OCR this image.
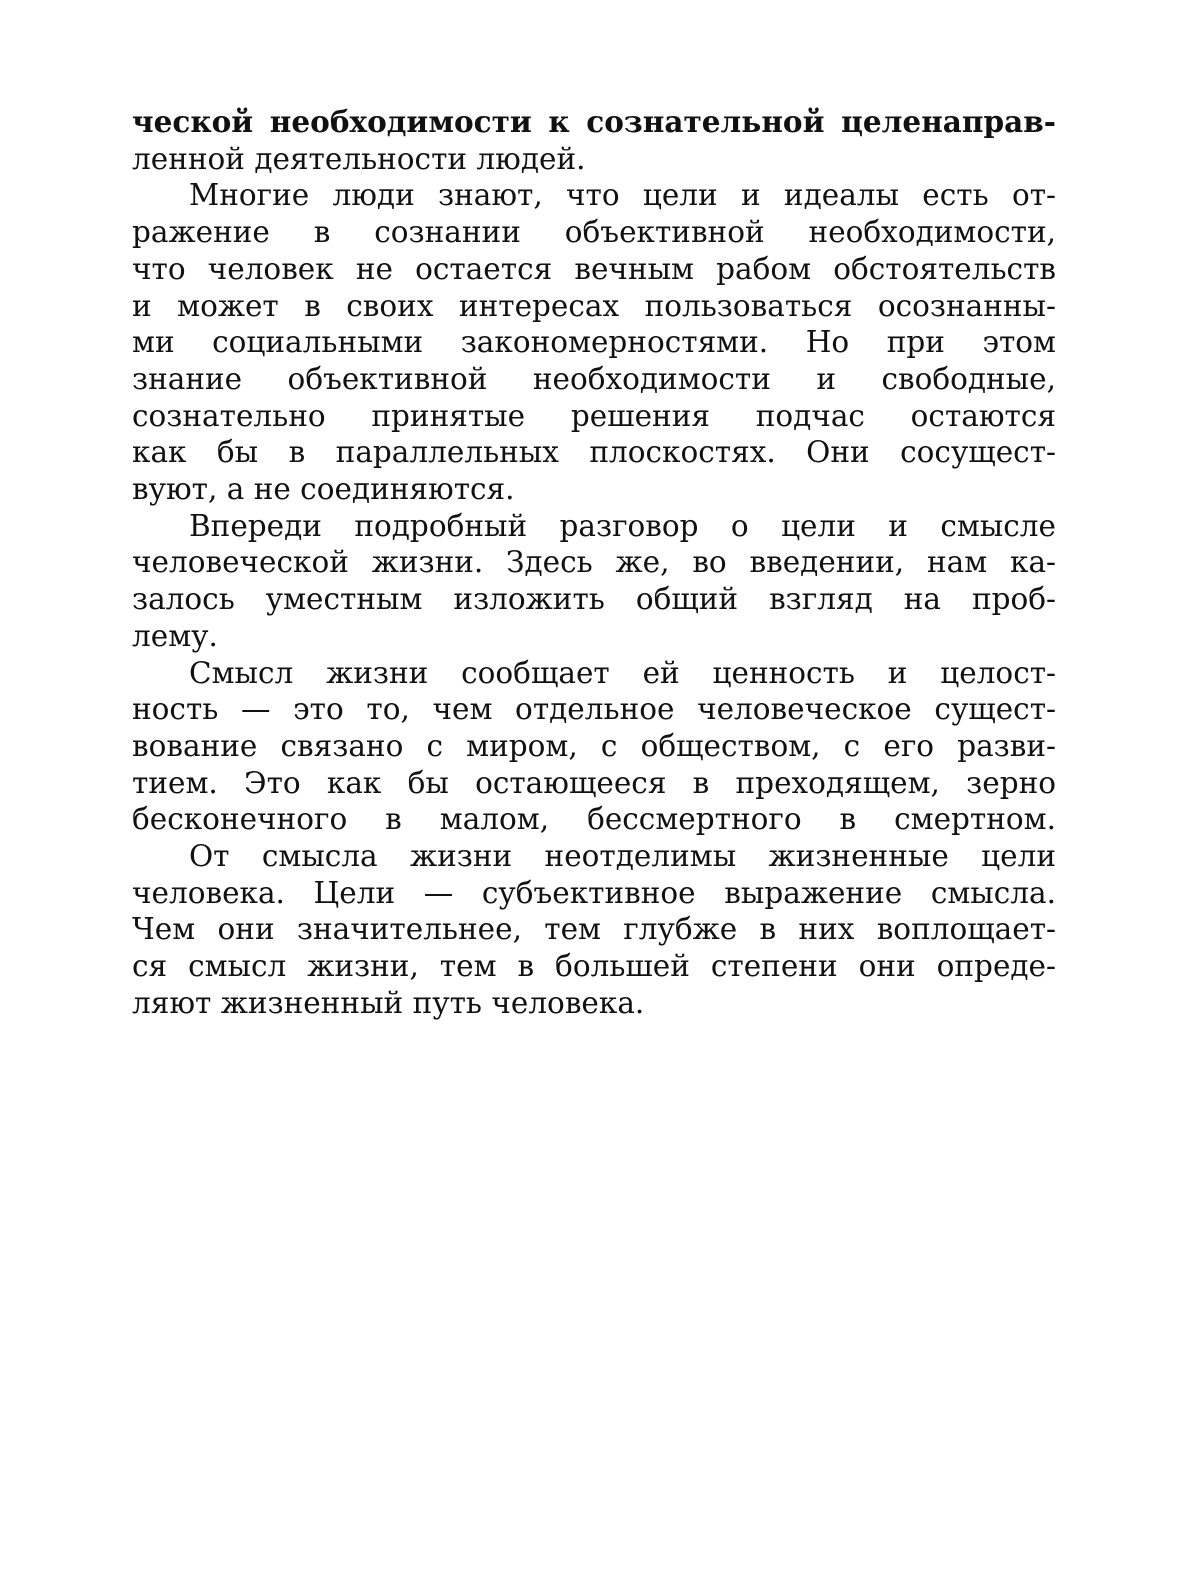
ческой необходимости к сознательной целенаправ-
ленной деятельности людей.
Многие люди знают, что цели и идеалы есть от-
ражение в сознании объективной необходимости,
что человек не остается вечным рабом обстоятельств
и может в своих интересах пользоваться осознанны-
ми социальными закономерностями. Но при этом
знание объективной необходимости и свободные,
сознательно принятые решения подчас остаются
как бы в параллельных плоскостях. Они сосущест-
вуют, а не соединяются.
Впереди подробный разговор о цели и смысле
человеческой жизни. Здесь же, во введении, нам ка-
залось уместным изложить общий взгляд на проб-
лему.
Смысл жизни сообщает ей ценность и целост-
ность — это то, чем отдельное человеческое сущест-
вование связано с миром, с обществом, с его разви-
тием. Это как бы остающееся в преходящем, зерно
бесконечного в малом, бессмертного в смертном.
От смысла жизни неотделимы жизненные цели
человека. Цели — субъективное выражение смысла.
Чем они значительнее, тем глубже в них воплощает-
ся смысл жизни, тем в большей степени они опреде-
ляют жизненный путь человека.
